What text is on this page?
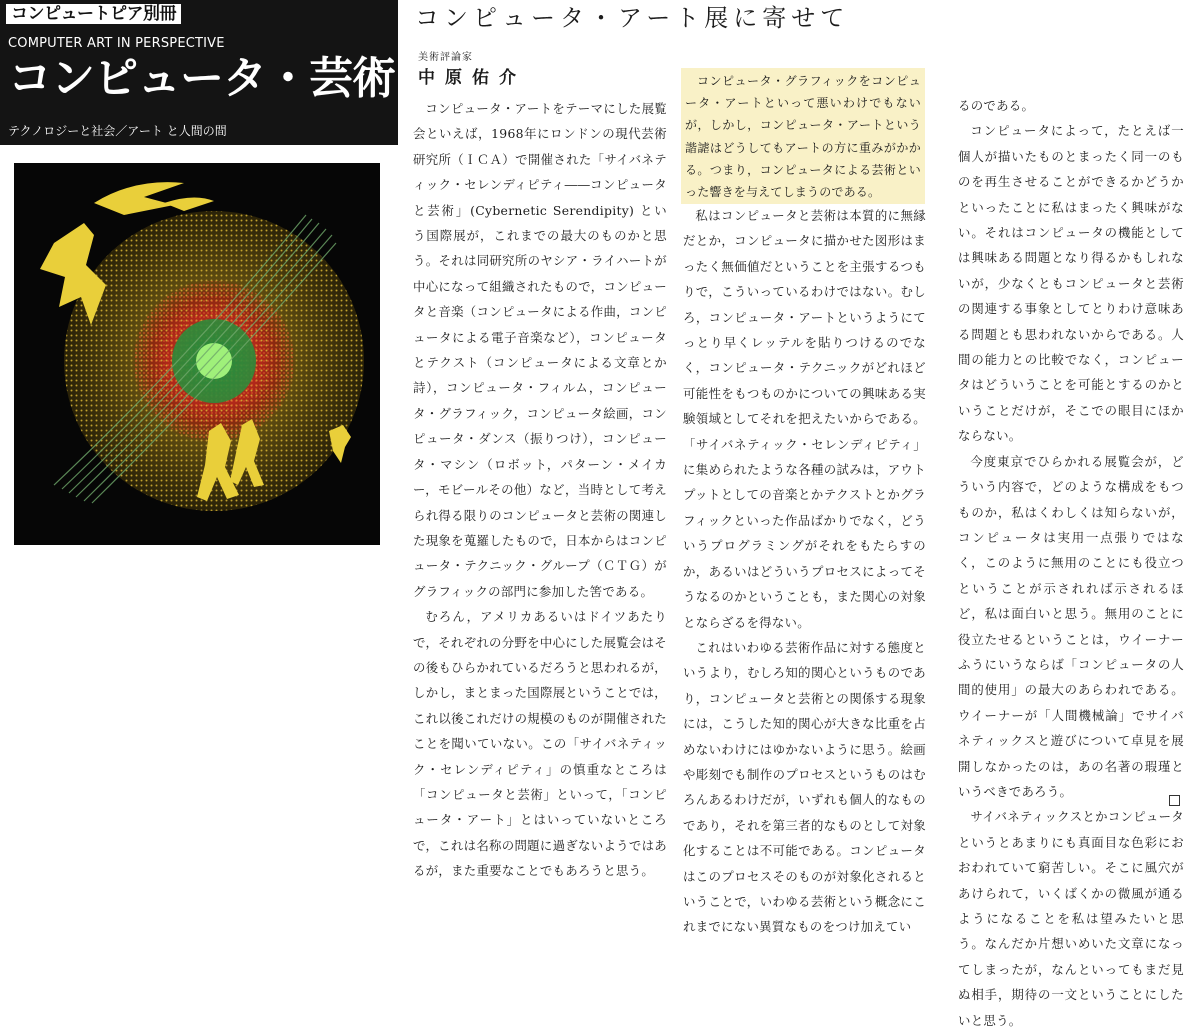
コンピュートピア別冊
COMPUTER ART IN PERSPECTIVE
コンピュータ・芸術
テクノロジーと社会／アート と人間の間
コンピュータ・アート展に寄せて
美術評論家
中原佑介

コンピュータ・アートをテーマにした展覧会といえば，1968年にロンドンの現代芸術研究所（ＩＣＡ）で開催された「サイバネティック・セレンディピティ――コンピュータと芸術」(Cybernetic Serendipity) という国際展が，これまでの最大のものかと思う。それは同研究所のヤシア・ライハートが中心になって組織されたもので，コンピュータと音楽（コンピュータによる作曲，コンピュータによる電子音楽など），コンピュータとテクスト（コンピュータによる文章とか詩），コンピュータ・フィルム，コンピュータ・グラフィック，コンピュータ絵画，コンピュータ・ダンス（振りつけ），コンピュータ・マシン（ロボット，パターン・メイカー，モビールその他）など，当時として考えられ得る限りのコンピュータと芸術の関連した現象を蒐羅したもので，日本からはコンピュータ・テクニック・グループ（ＣＴＧ）がグラフィックの部門に参加した筈である。

むろん，アメリカあるいはドイツあたりで，それぞれの分野を中心にした展覧会はその後もひらかれているだろうと思われるが，しかし，まとまった国際展ということでは，これ以後これだけの規模のものが開催されたことを聞いていない。この「サイバネティック・セレンディピティ」の慎重なところは「コンピュータと芸術」といって，「コンピュータ・アート」とはいっていないところで，これは名称の問題に過ぎないようではあるが，また重要なことでもあろうと思う。

コンピュータ・グラフィックをコンピュータ・アートといって悪いわけでもないが，しかし，コンピュータ・アートという諧謔はどうしてもアートの方に重みがかかる。つまり，コンピュータによる芸術といった響きを与えてしまうのである。

私はコンピュータと芸術は本質的に無縁だとか，コンピュータに描かせた図形はまったく無価値だということを主張するつもりで，こういっているわけではない。むしろ，コンピュータ・アートというようにてっとり早くレッテルを貼りつけるのでなく，コンピュータ・テクニックがどれほど可能性をもつものかについての興味ある実験領域としてそれを把えたいからである。「サイバネティック・セレンディピティ」に集められたような各種の試みは，アウトプットとしての音楽とかテクストとかグラフィックといった作品ばかりでなく，どういうプログラミングがそれをもたらすのか，あるいはどういうプロセスによってそうなるのかということも，また関心の対象とならざるを得ない。

これはいわゆる芸術作品に対する態度というより，むしろ知的関心というものであり，コンピュータと芸術との関係する現象には，こうした知的関心が大きな比重を占めないわけにはゆかないように思う。絵画や彫刻でも制作のプロセスというものはむろんあるわけだが，いずれも個人的なものであり，それを第三者的なものとして対象化することは不可能である。コンピュータはこのプロセスそのものが対象化されるということで，いわゆる芸術という概念にこれまでにない異質なものをつけ加えてい

るのである。

コンピュータによって，たとえば一個人が描いたものとまったく同一のものを再生させることができるかどうかといったことに私はまったく興味がない。それはコンピュータの機能としては興味ある問題となり得るかもしれないが，少なくともコンピュータと芸術の関連する事象としてとりわけ意味ある問題とも思われないからである。人間の能力との比較でなく，コンピュータはどういうことを可能とするのかということだけが，そこでの眼目にほかならない。

今度東京でひらかれる展覧会が，どういう内容で，どのような構成をもつものか，私はくわしくは知らないが，コンピュータは実用一点張りではなく，このように無用のことにも役立つということが示されれば示されるほど，私は面白いと思う。無用のことに役立たせるということは，ウイーナーふうにいうならば「コンピュータの人間的使用」の最大のあらわれである。ウイーナーが「人間機械論」でサイバネティックスと遊びについて卓見を展開しなかったのは，あの名著の瑕瑾というべきであろう。

サイバネティックスとかコンピュータというとあまりにも真面目な色彩におおわれていて窮苦しい。そこに風穴があけられて，いくばくかの微風が通るようになることを私は望みたいと思う。なんだか片想いめいた文章になってしまったが，なんといってもまだ見ぬ相手，期待の一文ということにしたいと思う。
